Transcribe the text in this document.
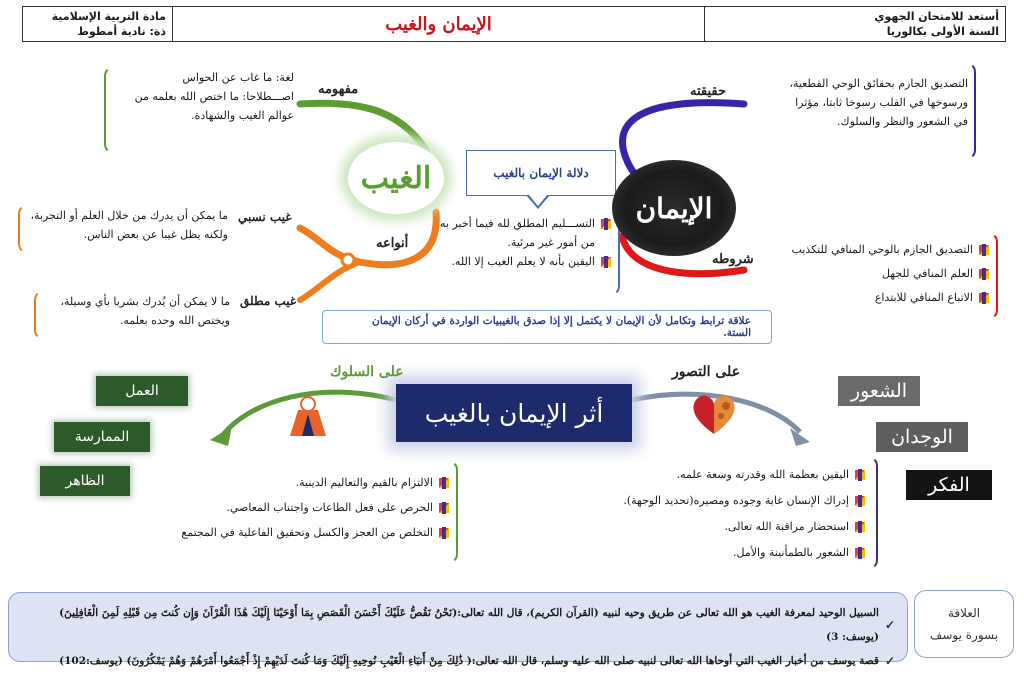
مادة التربية الإسلامية
ذة: نادية أمطوط	الإيمان والغيب	أستعد للامتحان الجهوي
السنة الأولى بكالوريا
الغيب
لغة: ما غاب عن الحواس
اصـــطلاحا: ما اختص الله بعلمه من
عوالم الغيب والشهادة.
مفهومه
ما يمكن أن يدرك من خلال العلم أو التجربة،
ولكنه يظل غيبا عن بعض الناس.
غيب نسبي
أنواعه
ما لا يمكن أن يُدرك بشريا بأي وسيلة،
ويختص الله وحده بعلمه.
غيب مطلق
دلالة الإيمان بالغيب
التســـليم المطلق لله فيما أخبر به
من أمور غير مرئية.
اليقين بأنه لا يعلم الغيب إلا الله.
الإيمان
حقيقته
التصديق الجازم بحقائق الوحي القطعية،
ورسوخها في القلب رسوخا ثابتا، مؤثرا
في الشعور والنظر والسلوك.
شروطه
التصديق الجازم بالوحي المنافي للتكذيب
العلم المنافي للجهل
الاتباع المنافي للابتداع
علاقة ترابط وتكامل لأن الإيمان لا يكتمل إلا إذا صدق بالغيبيات الواردة في أركان الإيمان الستة.
أثر الإيمان بالغيب
على السلوك	على التصور
العمل
الممارسة
الظاهر
الشعور
الوجدان
الفكر
الالتزام بالقيم والتعاليم الدينية.
الحرص على فعل الطاعات واجتناب المعاصي.
التخلص من العجز والكسل وتحقيق الفاعلية في المجتمع
اليقين بعظمة الله وقدرته وسعة علمه.
إدراك الإنسان غاية وجوده ومصيره(تحديد الوجهة).
استحضار مراقبة الله تعالى.
الشعور بالطمأنينة والأمل.
✓
السبيل الوحيد لمعرفة الغيب هو الله تعالى عن طريق وحيه لنبيه (القرآن الكريم)، قال الله تعالى:(نَحْنُ نَقُصُّ عَلَيْكَ أَحْسَنَ الْقَصَصِ بِمَا أَوْحَيْنَا إِلَيْكَ هَٰذَا الْقُرْآنَ وَإِن كُنتَ مِن قَبْلِهِ لَمِنَ الْغَافِلِينَ) (يوسف: 3)
✓
قصة يوسف من أخبار الغيب التي أوحاها الله تعالى لنبيه صلى الله عليه وسلم، قال الله تعالى:( ذَٰلِكَ مِنْ أَنبَاءِ الْغَيْبِ نُوحِيهِ إِلَيْكَ وَمَا كُنتَ لَدَيْهِمْ إِذْ أَجْمَعُوا أَمْرَهُمْ وَهُمْ يَمْكُرُونَ) (يوسف:102)
العلاقة
بسورة يوسف
